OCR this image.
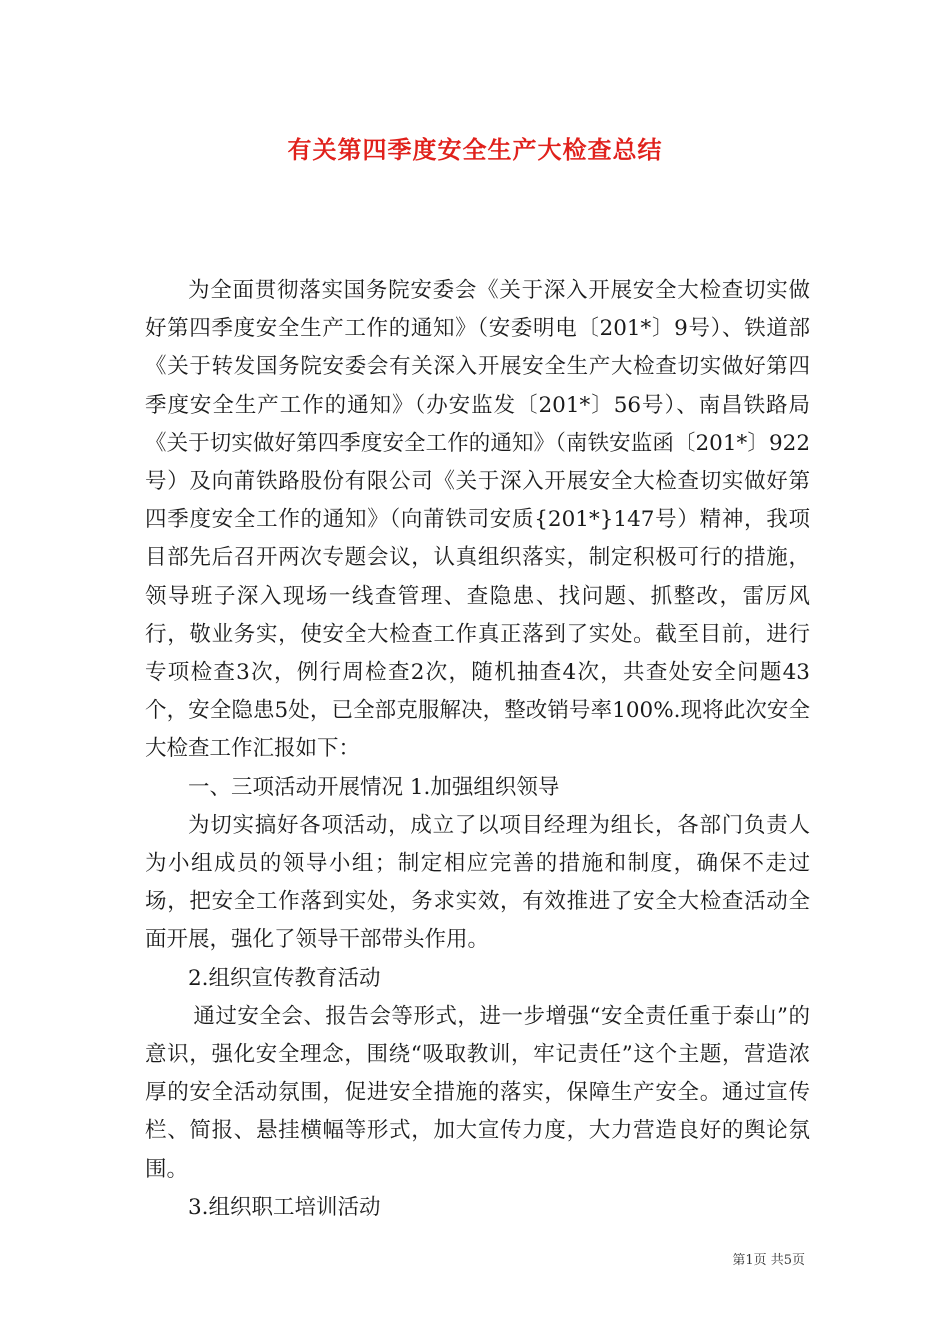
有关第四季度安全生产大检查总结

为全面贯彻落实国务院安委会《关于深入开展安全大检查切实做好第四季度安全生产工作的通知》（安委明电〔201*〕9号）、铁道部《关于转发国务院安委会有关深入开展安全生产大检查切实做好第四季度安全生产工作的通知》（办安监发〔201*〕56号）、南昌铁路局《关于切实做好第四季度安全工作的通知》（南铁安监函〔201*〕922号）及向莆铁路股份有限公司《关于深入开展安全大检查切实做好第四季度安全工作的通知》（向莆铁司安质{201*}147号）精神，我项目部先后召开两次专题会议，认真组织落实，制定积极可行的措施，领导班子深入现场一线查管理、查隐患、找问题、抓整改，雷厉风行，敬业务实，使安全大检查工作真正落到了实处。截至目前，进行专项检查3次，例行周检查2次，随机抽查4次，共查处安全问题43个，安全隐患5处，已全部克服解决，整改销号率100%.现将此次安全大检查工作汇报如下：

一、三项活动开展情况 1.加强组织领导

为切实搞好各项活动，成立了以项目经理为组长，各部门负责人为小组成员的领导小组；制定相应完善的措施和制度，确保不走过场，把安全工作落到实处，务求实效，有效推进了安全大检查活动全面开展，强化了领导干部带头作用。

2.组织宣传教育活动

通过安全会、报告会等形式，进一步增强“安全责任重于泰山”的意识，强化安全理念，围绕“吸取教训，牢记责任”这个主题，营造浓厚的安全活动氛围，促进安全措施的落实，保障生产安全。通过宣传栏、简报、悬挂横幅等形式，加大宣传力度，大力营造良好的舆论氛围。

3.组织职工培训活动

第1页 共5页
